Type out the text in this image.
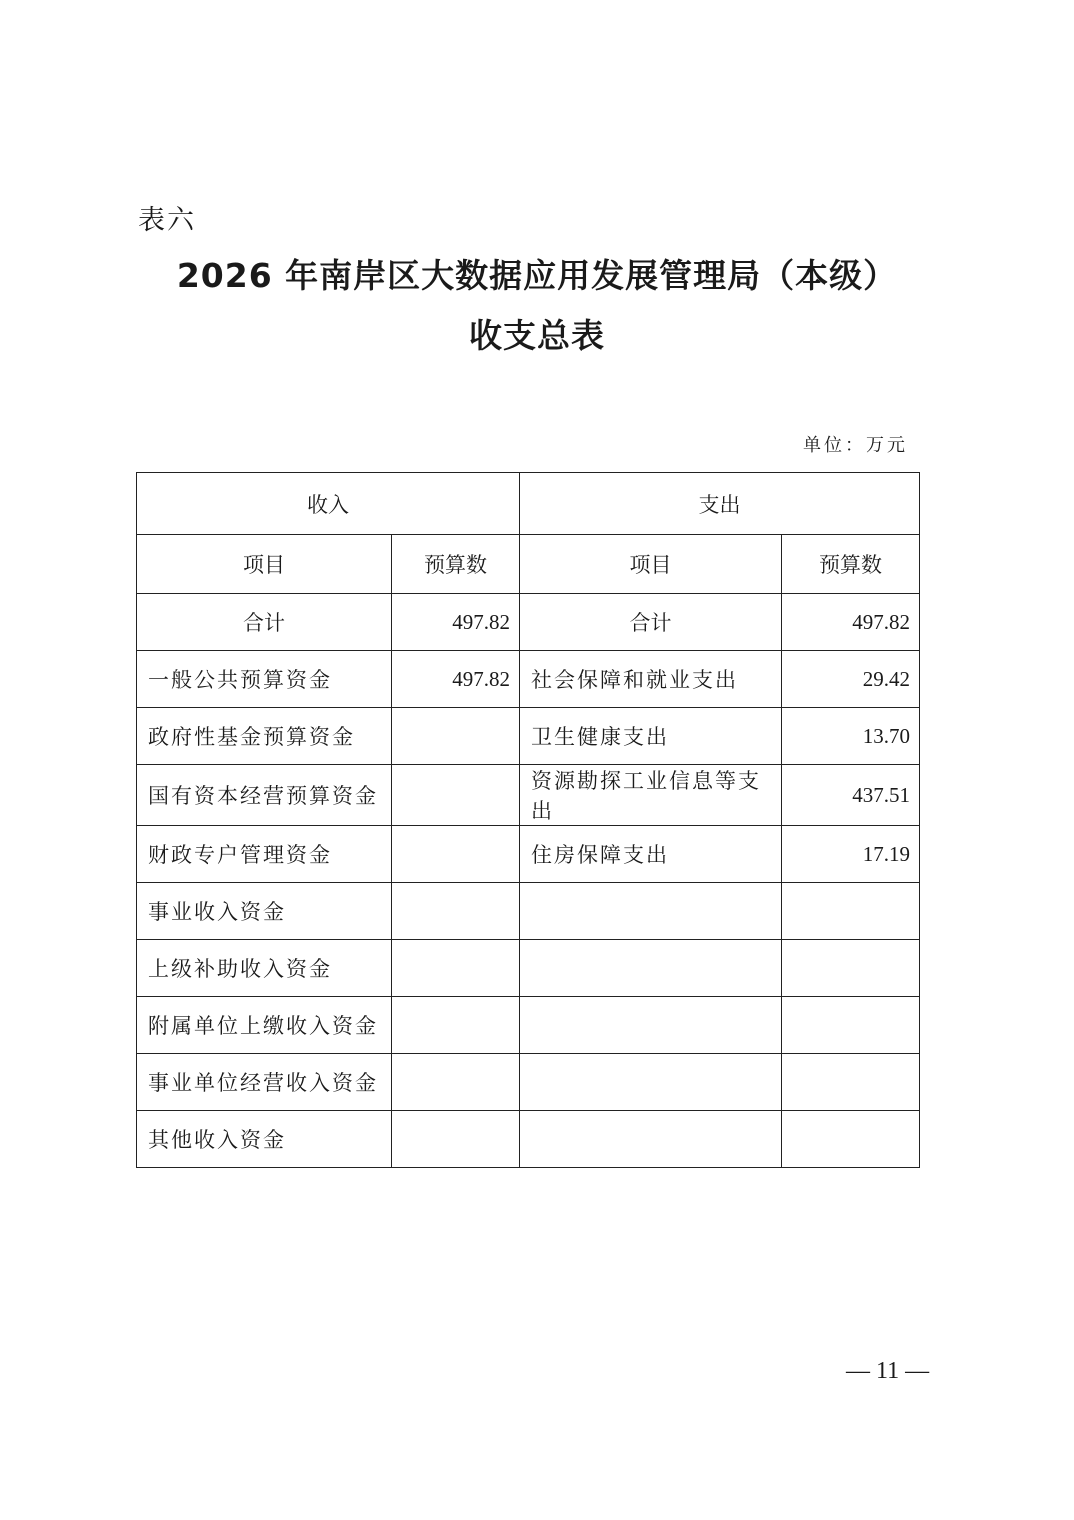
表六
2026 年南岸区大数据应用发展管理局（本级）
收支总表
单位：万元
收入		支出	
项目	预算数	项目	预算数
合计	497.82	合计	497.82
一般公共预算资金	497.82	社会保障和就业支出	29.42
政府性基金预算资金		卫生健康支出	13.70
国有资本经营预算资金		资源勘探工业信息等支出	437.51
财政专户管理资金		住房保障支出	17.19
事业收入资金			
上级补助收入资金			
附属单位上缴收入资金			
事业单位经营收入资金			
其他收入资金			
— 11 —
